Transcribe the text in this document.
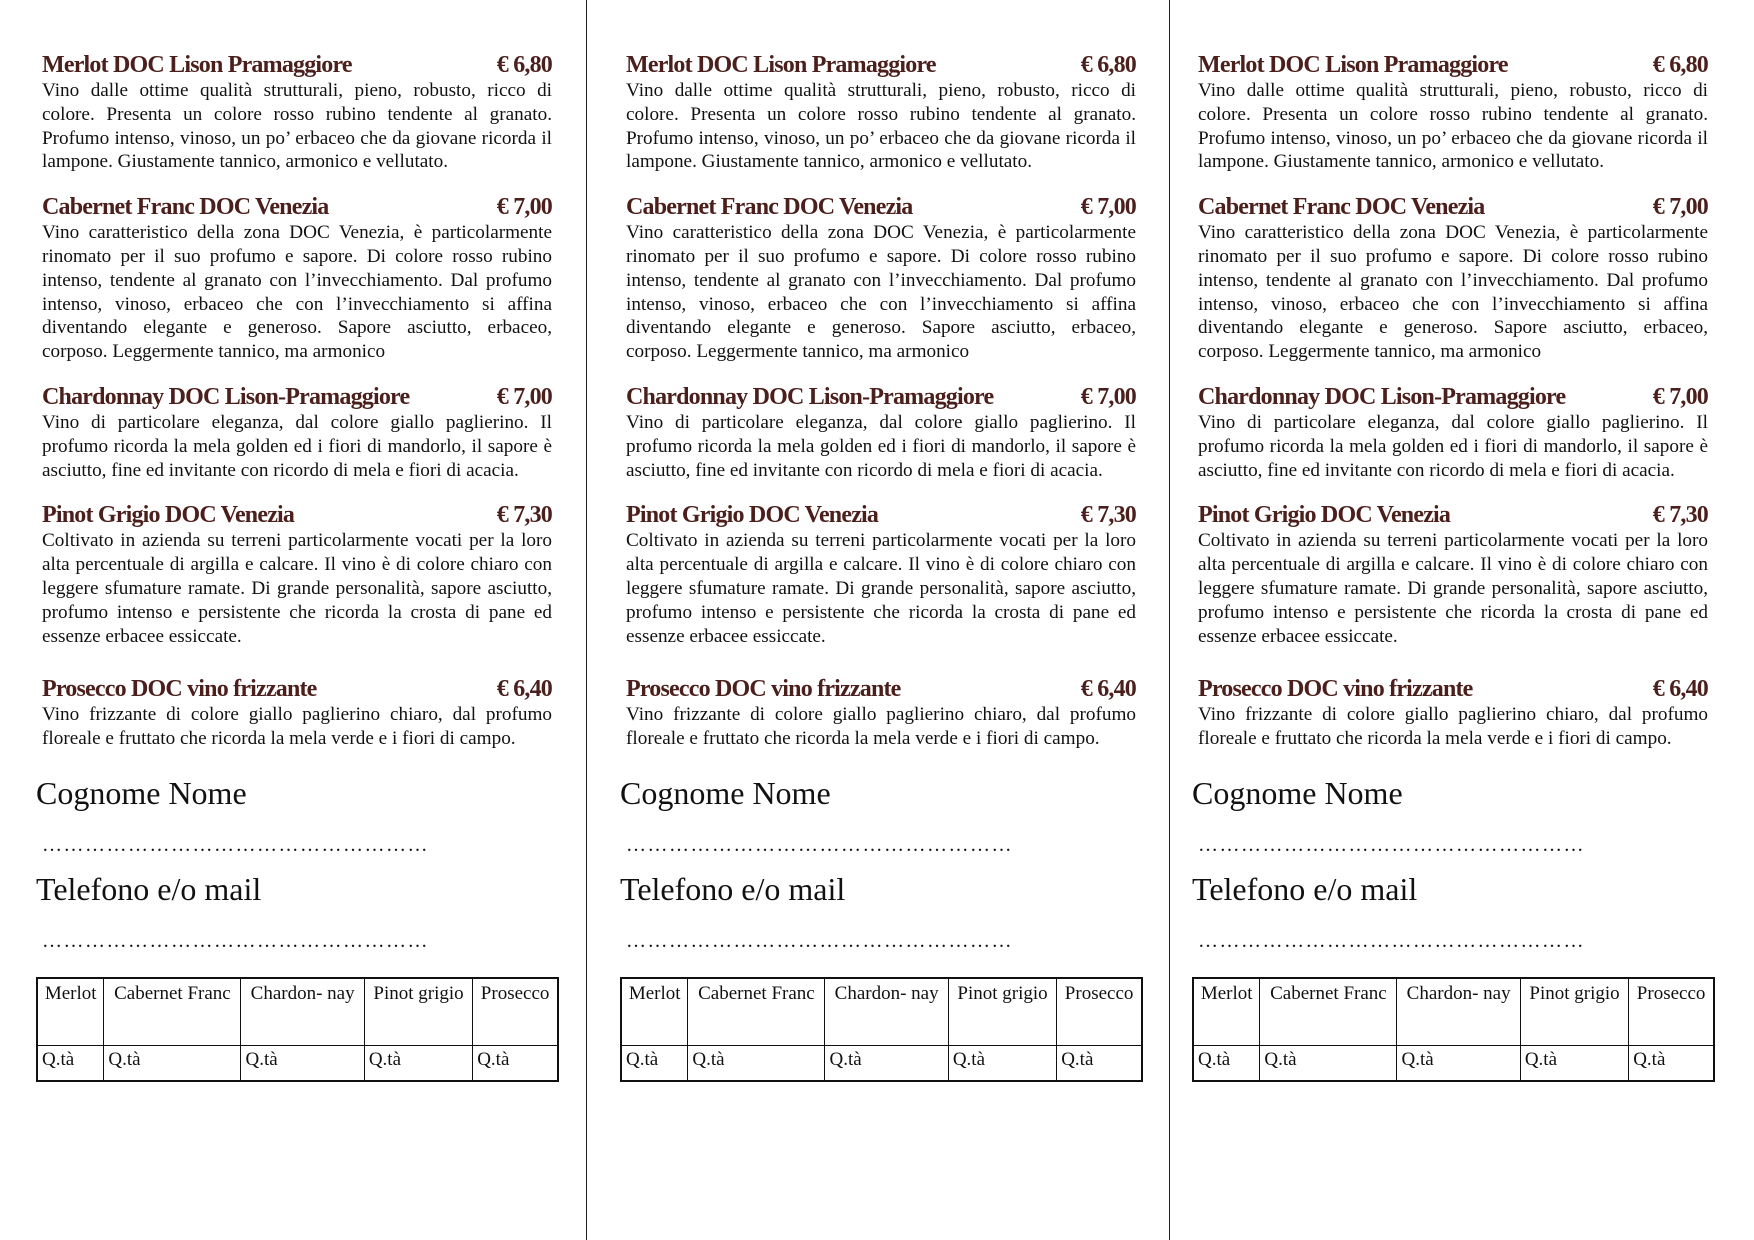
Merlot DOC Lison Pramaggiore	€ 6,80
Vino dalle ottime qualità strutturali, pieno, robusto, ricco di colore. Presenta un colore rosso rubino tendente al granato. Profumo intenso, vinoso, un po’ erbaceo che da giovane ricorda il lampone. Giustamente tannico, armonico e vellutato.
Cabernet Franc DOC Venezia	€ 7,00
Vino caratteristico della zona DOC Venezia, è particolarmente rinomato per il suo profumo e sapore. Di colore rosso rubino intenso, tendente al granato con l’invecchiamento. Dal profumo intenso, vinoso, erbaceo che con l’invecchiamento si affina diventando elegante e generoso. Sapore asciutto, erbaceo, corposo. Leggermente tannico, ma armonico
Chardonnay DOC Lison-Pramaggiore	€ 7,00
Vino di particolare eleganza, dal colore giallo paglierino. Il profumo ricorda la mela golden ed i fiori di mandorlo, il sapore è asciutto, fine ed invitante con ricordo di mela e fiori di acacia.
Pinot Grigio DOC Venezia	€ 7,30
Coltivato in azienda su terreni particolarmente vocati per la loro alta percentuale di argilla e calcare. Il vino è di colore chiaro con leggere sfumature ramate. Di grande personalità, sapore asciutto, profumo intenso e persistente che ricorda la crosta di pane ed essenze erbacee essiccate.
Prosecco DOC vino frizzante	€ 6,40
Vino frizzante di colore giallo paglierino chiaro, dal profumo floreale e fruttato che ricorda la mela verde e i fiori di campo.
Cognome Nome
………………………………………………
Telefono e/o mail
………………………………………………
Merlot	Cabernet Franc	Chardon- nay	Pinot grigio	Prosecco
Q.tà	Q.tà	Q.tà	Q.tà	Q.tà
Merlot DOC Lison Pramaggiore	€ 6,80
Vino dalle ottime qualità strutturali, pieno, robusto, ricco di colore. Presenta un colore rosso rubino tendente al granato. Profumo intenso, vinoso, un po’ erbaceo che da giovane ricorda il lampone. Giustamente tannico, armonico e vellutato.
Cabernet Franc DOC Venezia	€ 7,00
Vino caratteristico della zona DOC Venezia, è particolarmente rinomato per il suo profumo e sapore. Di colore rosso rubino intenso, tendente al granato con l’invecchiamento. Dal profumo intenso, vinoso, erbaceo che con l’invecchiamento si affina diventando elegante e generoso. Sapore asciutto, erbaceo, corposo. Leggermente tannico, ma armonico
Chardonnay DOC Lison-Pramaggiore	€ 7,00
Vino di particolare eleganza, dal colore giallo paglierino. Il profumo ricorda la mela golden ed i fiori di mandorlo, il sapore è asciutto, fine ed invitante con ricordo di mela e fiori di acacia.
Pinot Grigio DOC Venezia	€ 7,30
Coltivato in azienda su terreni particolarmente vocati per la loro alta percentuale di argilla e calcare. Il vino è di colore chiaro con leggere sfumature ramate. Di grande personalità, sapore asciutto, profumo intenso e persistente che ricorda la crosta di pane ed essenze erbacee essiccate.
Prosecco DOC vino frizzante	€ 6,40
Vino frizzante di colore giallo paglierino chiaro, dal profumo floreale e fruttato che ricorda la mela verde e i fiori di campo.
Cognome Nome
………………………………………………
Telefono e/o mail
………………………………………………
Merlot	Cabernet Franc	Chardon- nay	Pinot grigio	Prosecco
Q.tà	Q.tà	Q.tà	Q.tà	Q.tà
Merlot DOC Lison Pramaggiore	€ 6,80
Vino dalle ottime qualità strutturali, pieno, robusto, ricco di colore. Presenta un colore rosso rubino tendente al granato. Profumo intenso, vinoso, un po’ erbaceo che da giovane ricorda il lampone. Giustamente tannico, armonico e vellutato.
Cabernet Franc DOC Venezia	€ 7,00
Vino caratteristico della zona DOC Venezia, è particolarmente rinomato per il suo profumo e sapore. Di colore rosso rubino intenso, tendente al granato con l’invecchiamento. Dal profumo intenso, vinoso, erbaceo che con l’invecchiamento si affina diventando elegante e generoso. Sapore asciutto, erbaceo, corposo. Leggermente tannico, ma armonico
Chardonnay DOC Lison-Pramaggiore	€ 7,00
Vino di particolare eleganza, dal colore giallo paglierino. Il profumo ricorda la mela golden ed i fiori di mandorlo, il sapore è asciutto, fine ed invitante con ricordo di mela e fiori di acacia.
Pinot Grigio DOC Venezia	€ 7,30
Coltivato in azienda su terreni particolarmente vocati per la loro alta percentuale di argilla e calcare. Il vino è di colore chiaro con leggere sfumature ramate. Di grande personalità, sapore asciutto, profumo intenso e persistente che ricorda la crosta di pane ed essenze erbacee essiccate.
Prosecco DOC vino frizzante	€ 6,40
Vino frizzante di colore giallo paglierino chiaro, dal profumo floreale e fruttato che ricorda la mela verde e i fiori di campo.
Cognome Nome
………………………………………………
Telefono e/o mail
………………………………………………
Merlot	Cabernet Franc	Chardon- nay	Pinot grigio	Prosecco
Q.tà	Q.tà	Q.tà	Q.tà	Q.tà
